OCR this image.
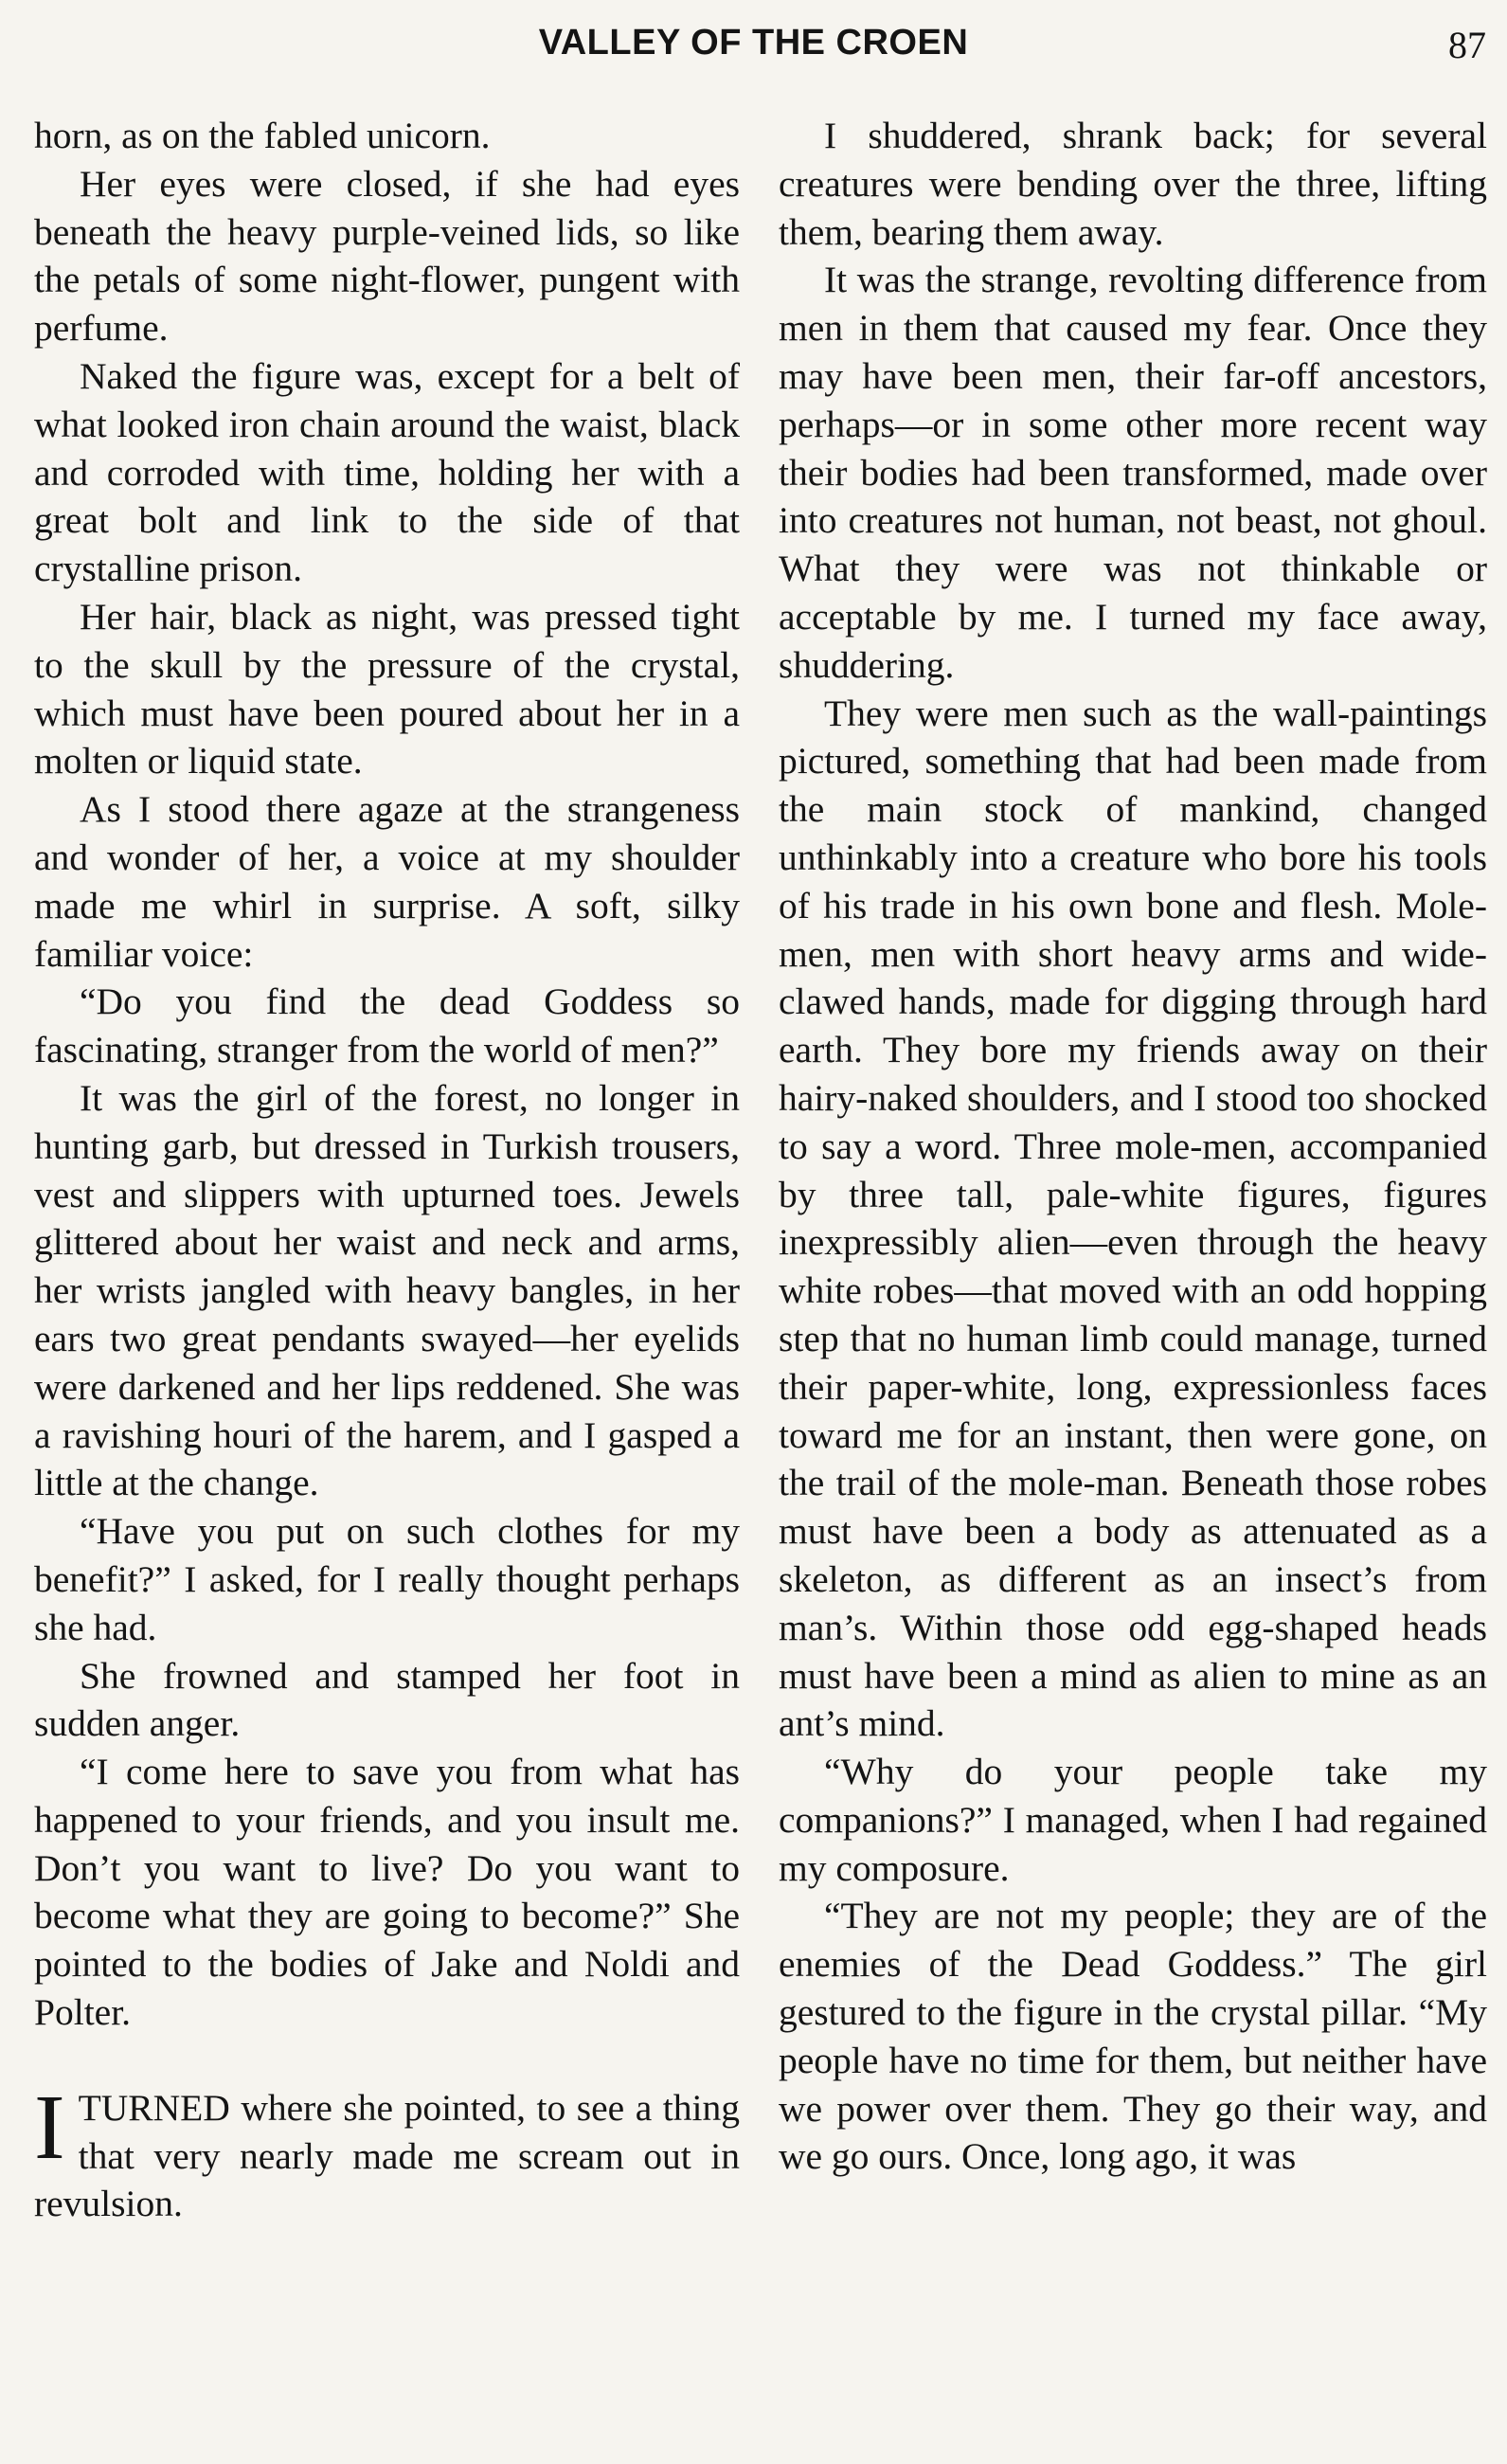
VALLEY OF THE CROEN	87

horn, as on the fabled unicorn.

Her eyes were closed, if she had eyes beneath the heavy purple-veined lids, so like the petals of some night-flower, pungent with perfume.

Naked the figure was, except for a belt of what looked iron chain around the waist, black and corroded with time, holding her with a great bolt and link to the side of that crystalline prison.

Her hair, black as night, was pressed tight to the skull by the pressure of the crystal, which must have been poured about her in a molten or liquid state.

As I stood there agaze at the strangeness and wonder of her, a voice at my shoulder made me whirl in surprise. A soft, silky familiar voice:

“Do you find the dead Goddess so fascinating, stranger from the world of men?”

It was the girl of the forest, no longer in hunting garb, but dressed in Turkish trousers, vest and slippers with upturned toes. Jewels glittered about her waist and neck and arms, her wrists jangled with heavy bangles, in her ears two great pendants swayed—her eyelids were darkened and her lips reddened. She was a ravishing houri of the harem, and I gasped a little at the change.

“Have you put on such clothes for my benefit?” I asked, for I really thought perhaps she had.

She frowned and stamped her foot in sudden anger.

“I come here to save you from what has happened to your friends, and you insult me. Don’t you want to live? Do you want to become what they are going to become?” She pointed to the bodies of Jake and Noldi and Polter.

ITURNED where she pointed, to see a thing that very nearly made me scream out in revulsion.

I shuddered, shrank back; for several creatures were bending over the three, lifting them, bearing them away.

It was the strange, revolting difference from men in them that caused my fear. Once they may have been men, their far-off ancestors, perhaps—or in some other more recent way their bodies had been transformed, made over into creatures not human, not beast, not ghoul. What they were was not thinkable or acceptable by me. I turned my face away, shuddering.

They were men such as the wall-paintings pictured, something that had been made from the main stock of mankind, changed unthinkably into a creature who bore his tools of his trade in his own bone and flesh. Mole-men, men with short heavy arms and wide-clawed hands, made for digging through hard earth. They bore my friends away on their hairy-naked shoulders, and I stood too shocked to say a word. Three mole-men, accompanied by three tall, pale-white figures, figures inexpressibly alien—even through the heavy white robes—that moved with an odd hopping step that no human limb could manage, turned their paper-white, long, expressionless faces toward me for an instant, then were gone, on the trail of the mole-man. Beneath those robes must have been a body as attenuated as a skeleton, as different as an insect’s from man’s. Within those odd egg-shaped heads must have been a mind as alien to mine as an ant’s mind.

“Why do your people take my companions?” I managed, when I had regained my composure.

“They are not my people; they are of the enemies of the Dead Goddess.” The girl gestured to the figure in the crystal pillar. “My people have no time for them, but neither have we power over them. They go their way, and we go ours. Once, long ago, it was
